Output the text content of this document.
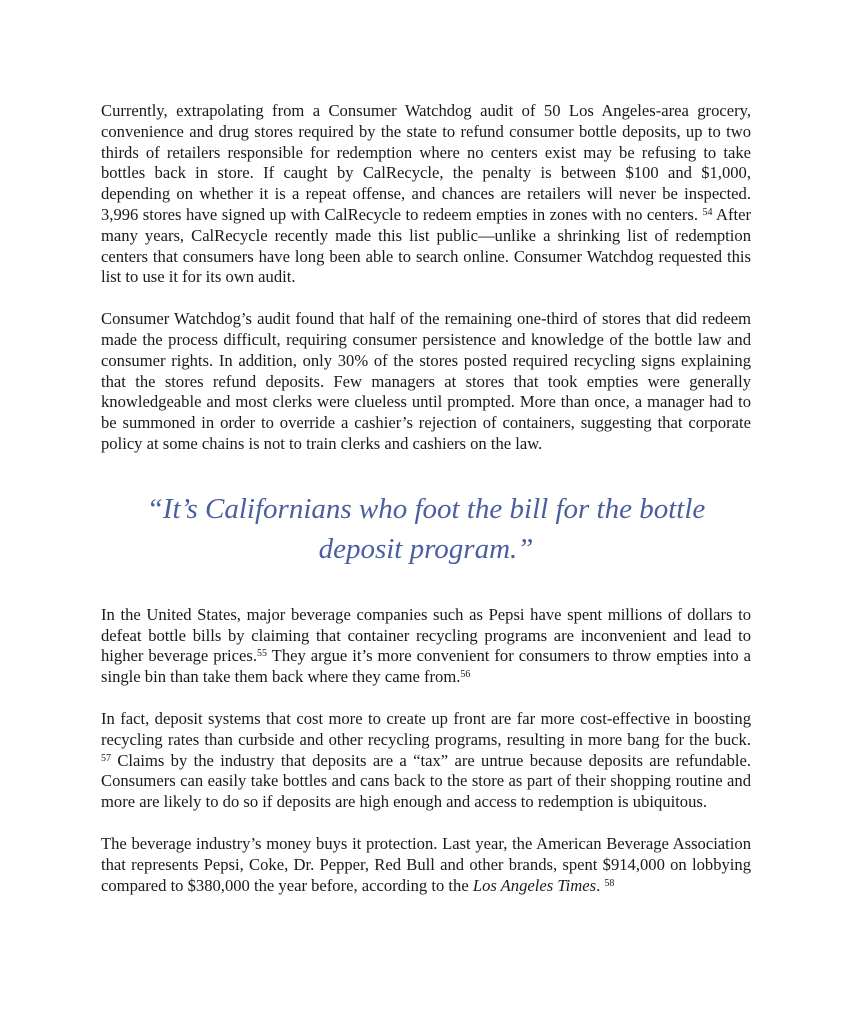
Currently, extrapolating from a Consumer Watchdog audit of 50 Los Angeles-area grocery, convenience and drug stores required by the state to refund consumer bottle deposits, up to two thirds of retailers responsible for redemption where no centers exist may be refusing to take bottles back in store. If caught by CalRecycle, the penalty is between $100 and $1,000, depending on whether it is a repeat offense, and chances are retailers will never be inspected. 3,996 stores have signed up with CalRecycle to redeem empties in zones with no centers. $^{54}$ After many years, CalRecycle recently made this list public—unlike a shrinking list of redemption centers that consumers have long been able to search online. Consumer Watchdog requested this list to use it for its own audit.

Consumer Watchdog’s audit found that half of the remaining one-third of stores that did redeem made the process difficult, requiring consumer persistence and knowledge of the bottle law and consumer rights. In addition, only 30% of the stores posted required recycling signs explaining that the stores refund deposits. Few managers at stores that took empties were generally knowledgeable and most clerks were clueless until prompted. More than once, a manager had to be summoned in order to override a cashier’s rejection of containers, suggesting that corporate policy at some chains is not to train clerks and cashiers on the law.

“It’s Californians who foot the bill for the bottle deposit program.”

In the United States, major beverage companies such as Pepsi have spent millions of dollars to defeat bottle bills by claiming that container recycling programs are inconvenient and lead to higher beverage prices.$^{55}$ They argue it’s more convenient for consumers to throw empties into a single bin than take them back where they came from.$^{56}$

In fact, deposit systems that cost more to create up front are far more cost-effective in boosting recycling rates than curbside and other recycling programs, resulting in more bang for the buck. $^{57}$ Claims by the industry that deposits are a “tax” are untrue because deposits are refundable. Consumers can easily take bottles and cans back to the store as part of their shopping routine and more are likely to do so if deposits are high enough and access to redemption is ubiquitous.

The beverage industry’s money buys it protection. Last year, the American Beverage Association that represents Pepsi, Coke, Dr. Pepper, Red Bull and other brands, spent $914,000 on lobbying compared to $380,000 the year before, according to the Los Angeles Times. $^{58}$
